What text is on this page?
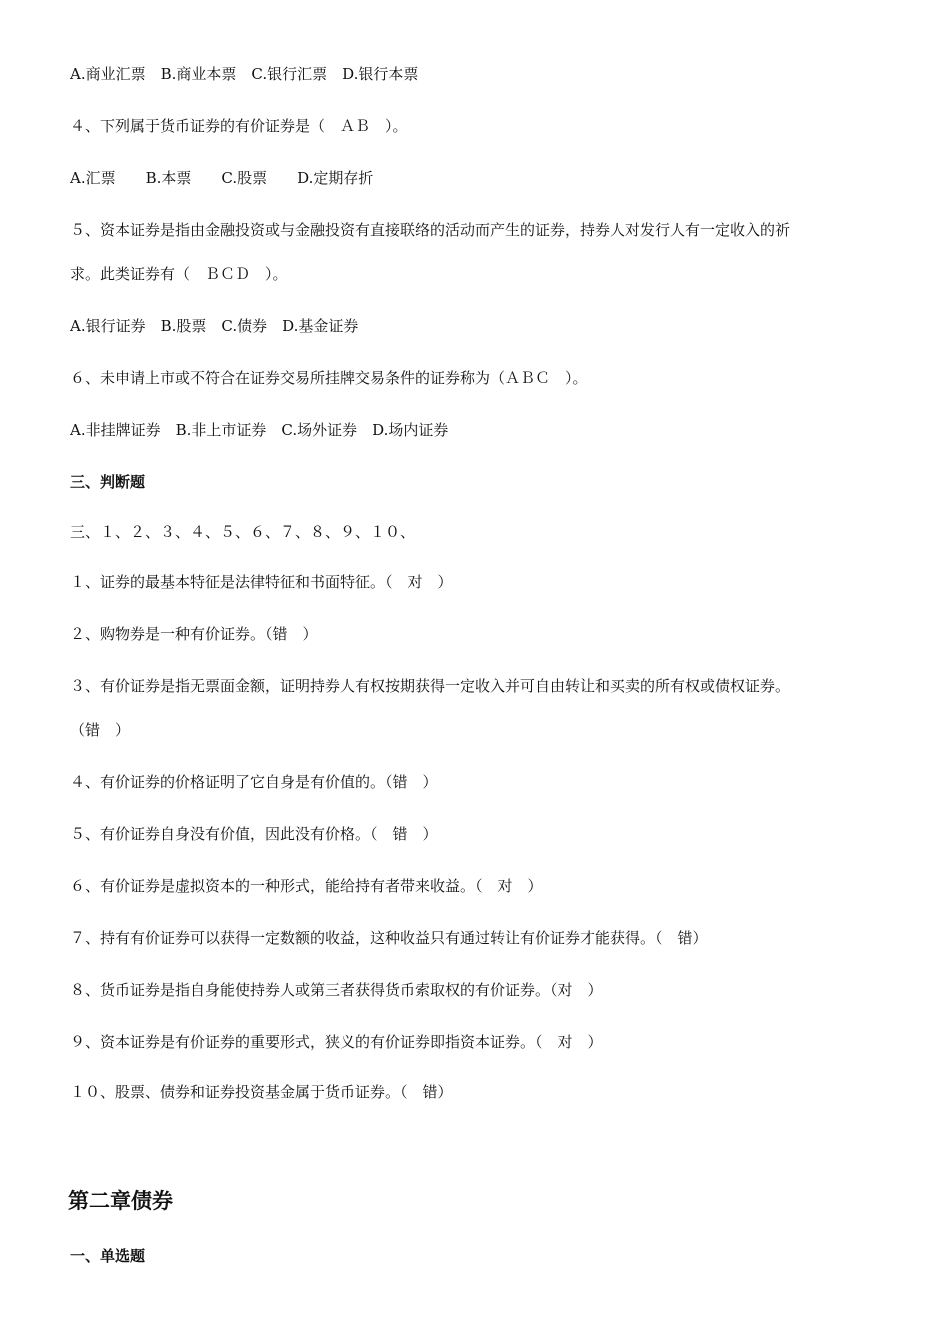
A.商业汇票　B.商业本票　C.银行汇票　D.银行本票

４、下列属于货币证券的有价证券是（　ＡＢ　）。

A.汇票　　B.本票　　C.股票　　D.定期存折

５、资本证券是指由金融投资或与金融投资有直接联络的活动而产生的证券，持券人对发行人有一定收入的祈

求。此类证券有（　ＢＣＤ　）。

A.银行证券　B.股票　C.债券　D.基金证券

６、未申请上市或不符合在证券交易所挂牌交易条件的证券称为（ＡＢＣ　）。

A.非挂牌证券　B.非上市证券　C.场外证券　D.场内证券

三、判断题

三、１、２、３、４、５、６、７、８、９、１０、

１、证券的最基本特征是法律特征和书面特征。（　对　）

２、购物券是一种有价证券。（错　）

３、有价证券是指无票面金额，证明持券人有权按期获得一定收入并可自由转让和买卖的所有权或债权证券。

（错　）

４、有价证券的价格证明了它自身是有价值的。（错　）

５、有价证券自身没有价值，因此没有价格。（　错　）

６、有价证券是虚拟资本的一种形式，能给持有者带来收益。（　对　）

７、持有有价证券可以获得一定数额的收益，这种收益只有通过转让有价证券才能获得。（　错）

８、货币证券是指自身能使持券人或第三者获得货币索取权的有价证券。（对　）

９、资本证券是有价证券的重要形式，狭义的有价证券即指资本证券。（　对　）

１０、股票、债券和证券投资基金属于货币证券。（　错）

第二章债券

一、单选题
